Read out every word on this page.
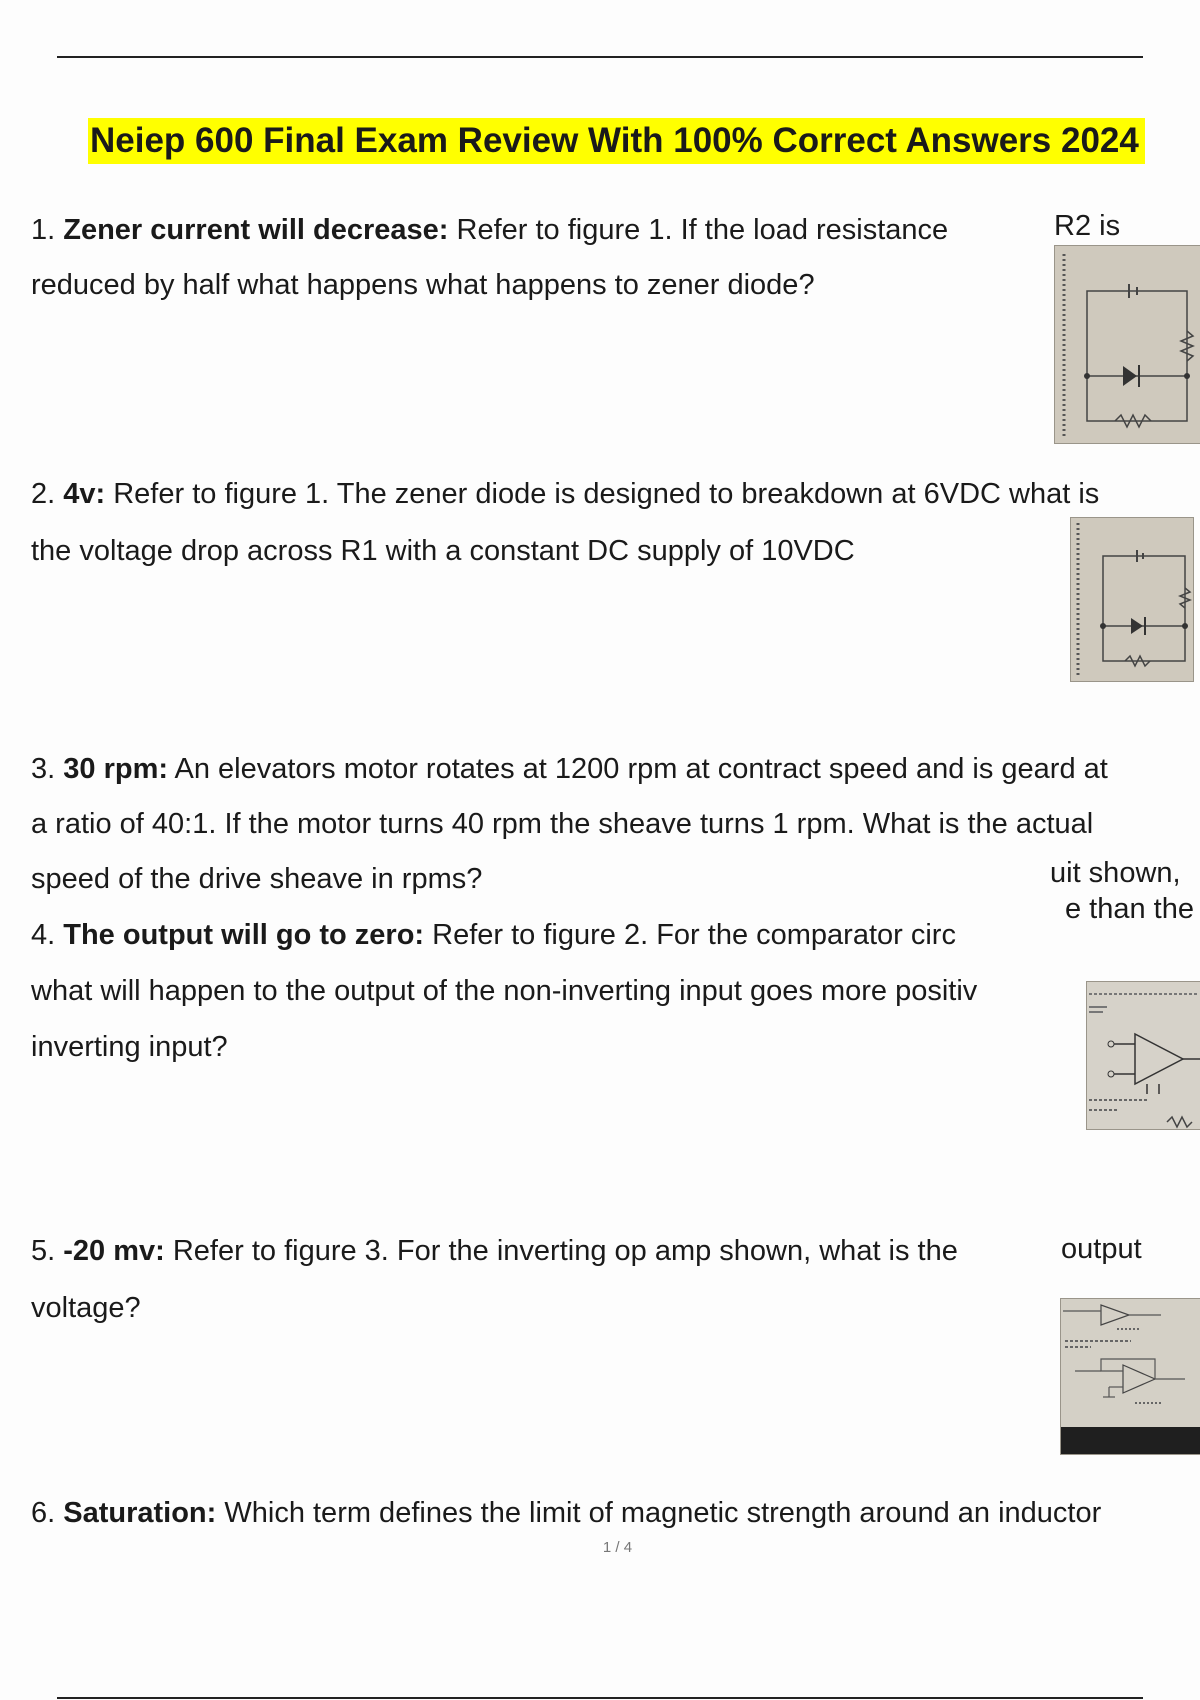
Neiep 600 Final Exam Review With 100% Correct Answers 2024
1. Zener current will decrease: Refer to figure 1. If the load resistance	R2 is
reduced by half what happens what happens to zener diode?
2. 4v: Refer to figure 1. The zener diode is designed to breakdown at 6VDC what is
the voltage drop across R1 with a constant DC supply of 10VDC
3. 30 rpm: An elevators motor rotates at 1200 rpm at contract speed and is geard at
a ratio of 40:1. If the motor turns 40 rpm the sheave turns 1 rpm. What is the actual
speed of the drive sheave in rpms?	uit shown,
e than the
4. The output will go to zero: Refer to figure 2. For the comparator circ
what will happen to the output of the non-inverting input goes more positiv
inverting input?
5. -20 mv: Refer to figure 3. For the inverting op amp shown, what is the	output
voltage?
6. Saturation: Which term defines the limit of magnetic strength around an inductor
1 / 4
